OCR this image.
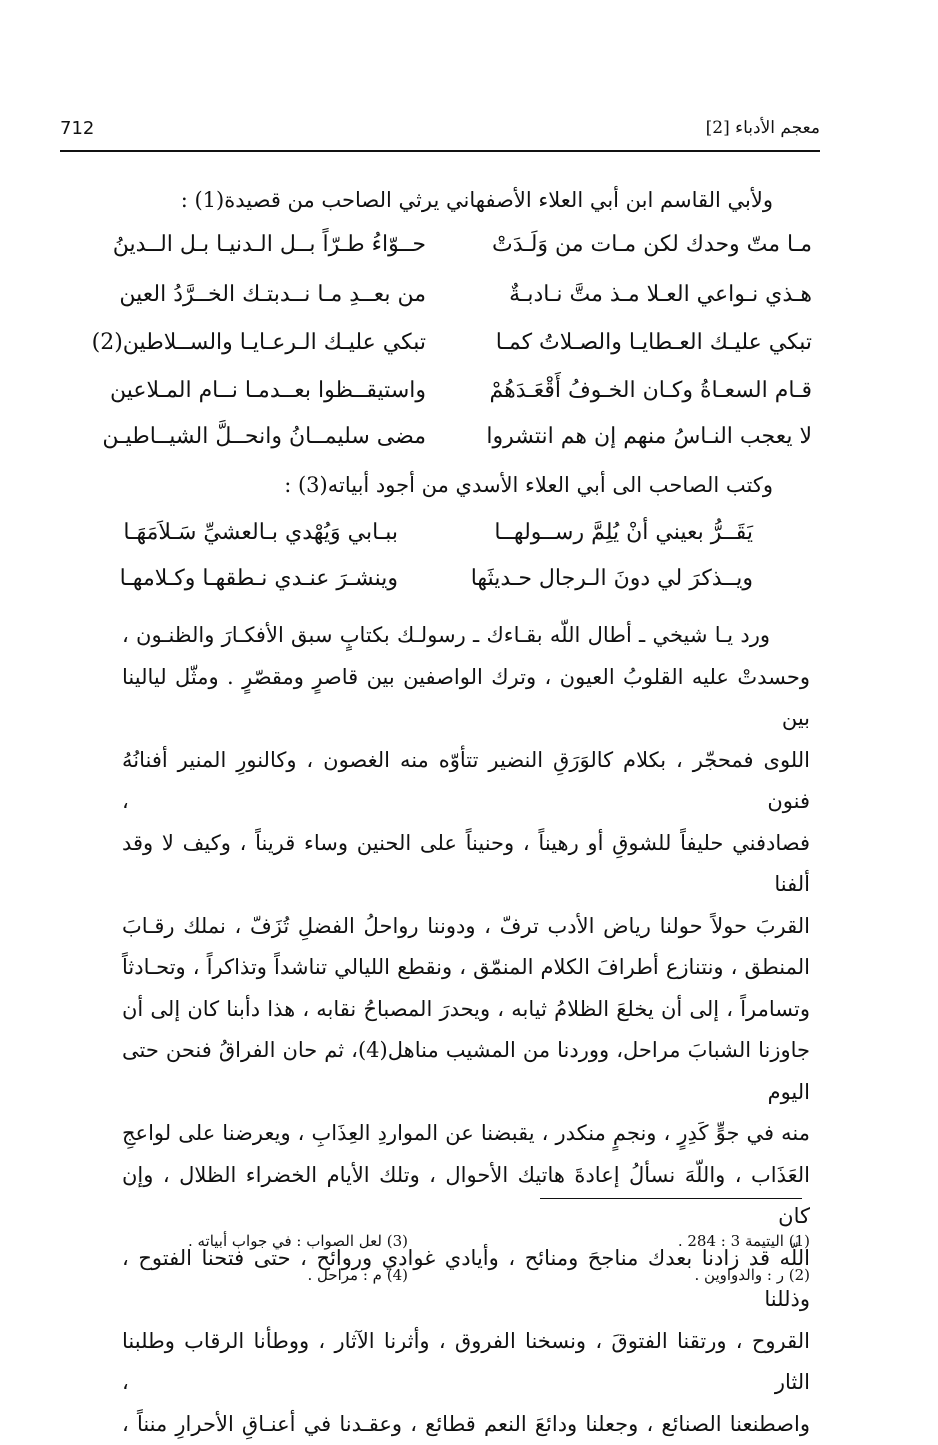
معجم الأدباء [2]
712
ولأبي القاسم ابن أبي العلاء الأصفهاني يرثي الصاحب من قصيدة(1) :
مـا متّ وحدك لكن مـات من وَلَـدَتْ
حــوّاءُ طـرّاً بــل الـدنيـا بـل الــدينُ
هـذي نـواعي العـلا مـذ متَّ نـادبـةٌ
من بعــدِ مـا نــدبتـك الخــرَّدُ العين
تبكي عليـك العـطايـا والصـلاتُ كمـا
تبكي عليـك الـرعـايـا والســلاطين(2)
قـام السعـاةُ وكـان الخـوفُ أَقْعَـدَهُمْ
واستيقــظوا بعــدمـا نــام المـلاعين
لا يعجب النـاسُ منهم إن هم انتشروا
مضى سليمــانُ وانحــلَّ الشيــاطيـن
وكتب الصاحب الى أبي العلاء الأسدي من أجود أبياته(3) :
يَقَــرُّ بعيني أنْ يُلِمَّ رســولهــا
ببـابي وَيُهْدي بـالعشيِّ سَـلاَمَهَـا
ويــذكرَ لي دونَ الـرجال حـديثَها
وينشـرَ عنـدي نـطقهـا وكـلامهـا
ورد يـا شيخي ـ أطال اللّه بقـاءك ـ رسولـك بكتابٍ سبق الأفكـارَ والظنـون ،
وحسدتْ عليه القلوبُ العيون ، وترك الواصفين بين قاصرٍ ومقصّرٍ . ومثّل ليالينا بين
اللوى فمحجّر ، بكلام كالوَرَقِ النضير تتأوّه منه الغصون ، وكالنورِ المنير أفنانُهُ فنون ،
فصادفني حليفاً للشوقِ أو رهيناً ، وحنيناً على الحنين وساء قريناً ، وكيف لا وقد ألفنا
القربَ حولاً حولنا رياض الأدب ترفّ ، ودوننا رواحلُ الفضلِ تُزَفّ ، نملك رقـابَ
المنطق ، ونتنازع أطرافَ الكلام المنمّق ، ونقطع الليالي تناشداً وتذاكراً ، وتحـادثاً
وتسامراً ، إلى أن يخلعَ الظلامُ ثيابه ، ويحدرَ المصباحُ نقابه ، هذا دأبنا كان إلى أن
جاوزنا الشبابَ مراحل، ووردنا من المشيب مناهل(4)، ثم حان الفراقُ فنحن حتى اليوم
منه في جوٍّ كَدِرٍ ، ونجمٍ منكدر ، يقبضنا عن المواردِ العِذَابِ ، ويعرضنا على لواعجِ
العَذَاب ، واللّهَ نسألُ إعادةَ هاتيك الأحوال ، وتلك الأيام الخضراء الظلال ، وإن كان
اللّه قد زادنا بعدك مناجحَ ومنائح ، وأيادي غوادي وروائح ، حتى فتحنا الفتوح ، وذللنا
القروح ، ورتقنا الفتوقَ ، ونسخنا الفروق ، وأثرنا الآثار ، ووطأنا الرقاب وطلبنا الثار ،
واصطنعنا الصنائع ، وجعلنا ودائعَ النعم قطائع ، وعقـدنا في أعنـاقِ الأحرارِ منناً ،
(1) اليتيمة 3 : 284 .
(2) ر : والدواوين .
(3) لعل الصواب : في جواب أبياته .
(4) م : مراحل .
